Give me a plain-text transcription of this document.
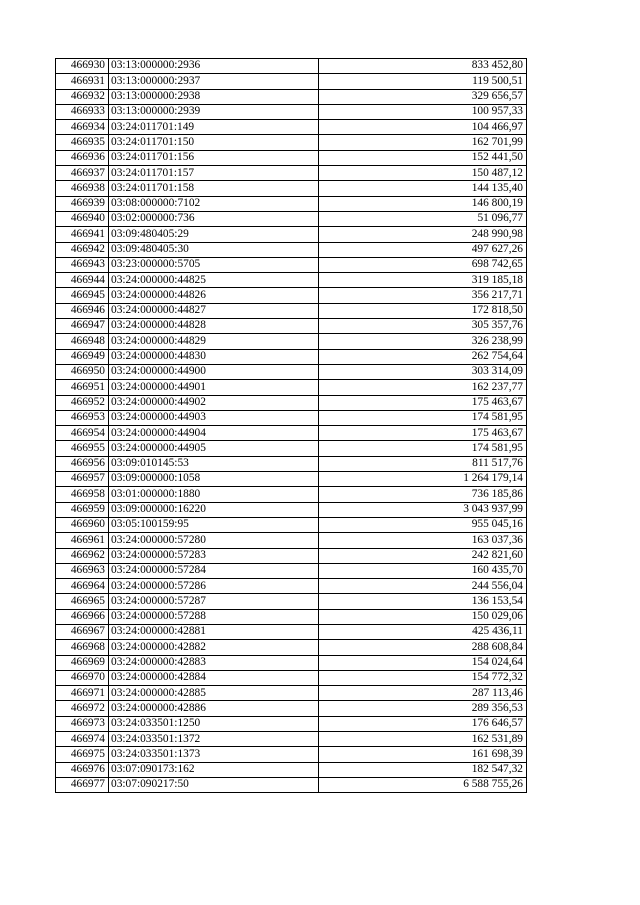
466930	03:13:000000:2936	833 452,80
466931	03:13:000000:2937	119 500,51
466932	03:13:000000:2938	329 656,57
466933	03:13:000000:2939	100 957,33
466934	03:24:011701:149	104 466,97
466935	03:24:011701:150	162 701,99
466936	03:24:011701:156	152 441,50
466937	03:24:011701:157	150 487,12
466938	03:24:011701:158	144 135,40
466939	03:08:000000:7102	146 800,19
466940	03:02:000000:736	51 096,77
466941	03:09:480405:29	248 990,98
466942	03:09:480405:30	497 627,26
466943	03:23:000000:5705	698 742,65
466944	03:24:000000:44825	319 185,18
466945	03:24:000000:44826	356 217,71
466946	03:24:000000:44827	172 818,50
466947	03:24:000000:44828	305 357,76
466948	03:24:000000:44829	326 238,99
466949	03:24:000000:44830	262 754,64
466950	03:24:000000:44900	303 314,09
466951	03:24:000000:44901	162 237,77
466952	03:24:000000:44902	175 463,67
466953	03:24:000000:44903	174 581,95
466954	03:24:000000:44904	175 463,67
466955	03:24:000000:44905	174 581,95
466956	03:09:010145:53	811 517,76
466957	03:09:000000:1058	1 264 179,14
466958	03:01:000000:1880	736 185,86
466959	03:09:000000:16220	3 043 937,99
466960	03:05:100159:95	955 045,16
466961	03:24:000000:57280	163 037,36
466962	03:24:000000:57283	242 821,60
466963	03:24:000000:57284	160 435,70
466964	03:24:000000:57286	244 556,04
466965	03:24:000000:57287	136 153,54
466966	03:24:000000:57288	150 029,06
466967	03:24:000000:42881	425 436,11
466968	03:24:000000:42882	288 608,84
466969	03:24:000000:42883	154 024,64
466970	03:24:000000:42884	154 772,32
466971	03:24:000000:42885	287 113,46
466972	03:24:000000:42886	289 356,53
466973	03:24:033501:1250	176 646,57
466974	03:24:033501:1372	162 531,89
466975	03:24:033501:1373	161 698,39
466976	03:07:090173:162	182 547,32
466977	03:07:090217:50	6 588 755,26
